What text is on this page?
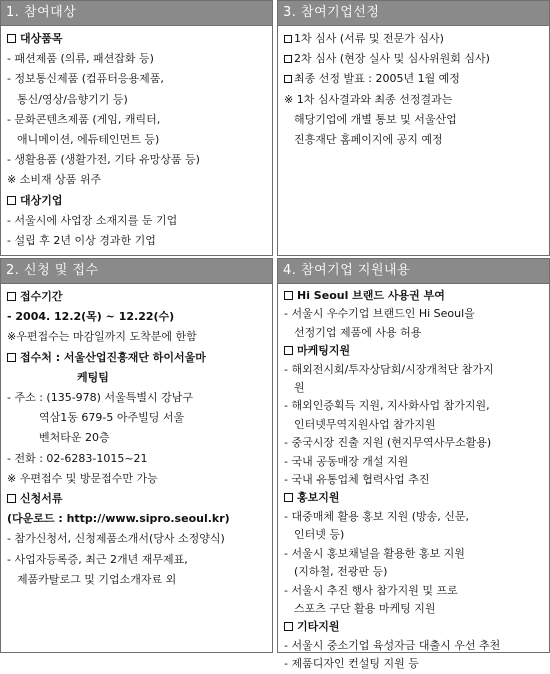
1. 참여대상
대상품목
- 패션제품 (의류, 패션잡화 등)
- 정보통신제품 (컴퓨터응용제품,
통신/영상/음향기기 등)
- 문화콘텐츠제품 (게임, 캐릭터,
애니메이션, 에듀테인먼트 등)
- 생활용품 (생활가전, 기타 유망상품 등)
※ 소비재 상품 위주
대상기업
- 서울시에 사업장 소재지를 둔 기업
- 설립 후 2년 이상 경과한 기업
3. 참여기업선정
1차 심사 (서류 및 전문가 심사)
2차 심사 (현장 실사 및 심사위원회 심사)
최종 선정 발표 : 2005년 1월 예정
※ 1차 심사결과와 최종 선정결과는
해당기업에 개별 통보 및 서울산업
진흥재단 홈페이지에 공지 예정
2. 신청 및 접수
접수기간
- 2004. 12.2(목) ~ 12.22(수)
※우편접수는 마감일까지 도착분에 한함
접수처 : 서울산업진흥재단 하이서울마
케팅팀
- 주소 : (135-978) 서울특별시 강남구
역삼1동 679-5 아주빌딩 서울
벤처타운 20층
- 전화 : 02-6283-1015~21
※ 우편접수 및 방문접수만 가능
신청서류
(다운로드 : http://www.sipro.seoul.kr)
- 참가신청서, 신청제품소개서(당사 소정양식)
- 사업자등록증, 최근 2개년 재무제표,
제품카탈로그 및 기업소개자료 외
4. 참여기업 지원내용
Hi Seoul 브랜드 사용권 부여
- 서울시 우수기업 브랜드인 Hi Seoul을
선정기업 제품에 사용 허용
마케팅지원
- 해외전시회/투자상담회/시장개척단 참가지
원
- 해외인증획득 지원, 지사화사업 참가지원,
인터넷무역지원사업 참가지원
- 중국시장 진출 지원 (현지무역사무소활용)
- 국내 공동매장 개설 지원
- 국내 유통업체 협력사업 추진
홍보지원
- 대중매체 활용 홍보 지원 (방송, 신문,
인터넷 등)
- 서울시 홍보채널을 활용한 홍보 지원
(지하철, 전광판 등)
- 서울시 추진 행사 참가지원 및 프로
스포츠 구단 활용 마케팅 지원
기타지원
- 서울시 중소기업 육성자금 대출시 우선 추천
- 제품디자인 컨설팅 지원 등
